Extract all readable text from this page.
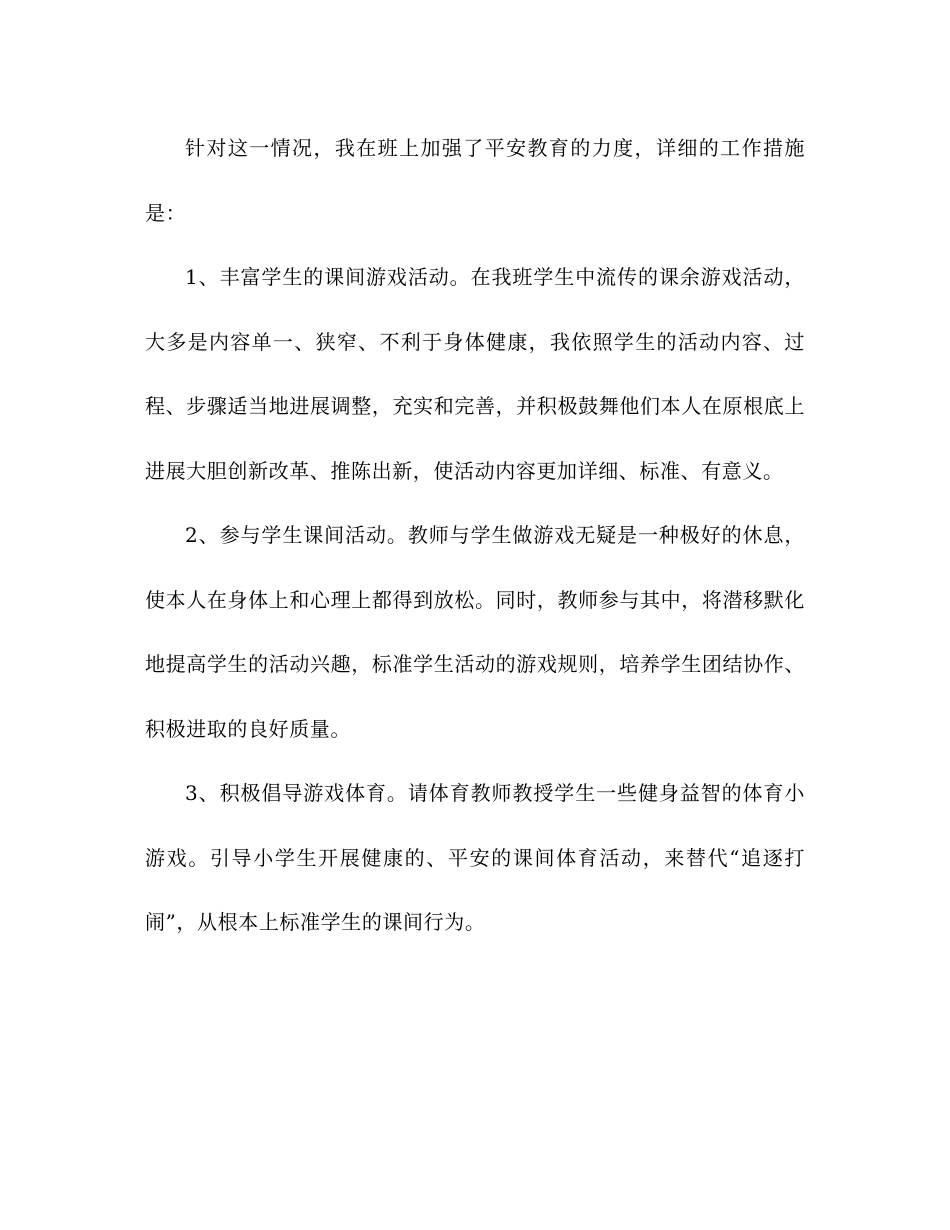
针对这一情况，我在班上加强了平安教育的力度，详细的工作措施是：

1、丰富学生的课间游戏活动。在我班学生中流传的课余游戏活动，大多是内容单一、狭窄、不利于身体健康，我依照学生的活动内容、过程、步骤适当地进展调整，充实和完善，并积极鼓舞他们本人在原根底上进展大胆创新改革、推陈出新，使活动内容更加详细、标准、有意义。

2、参与学生课间活动。教师与学生做游戏无疑是一种极好的休息，使本人在身体上和心理上都得到放松。同时，教师参与其中，将潜移默化地提高学生的活动兴趣，标准学生活动的游戏规则，培养学生团结协作、积极进取的良好质量。

3、积极倡导游戏体育。请体育教师教授学生一些健身益智的体育小游戏。引导小学生开展健康的、平安的课间体育活动，来替代“追逐打闹”，从根本上标准学生的课间行为。
